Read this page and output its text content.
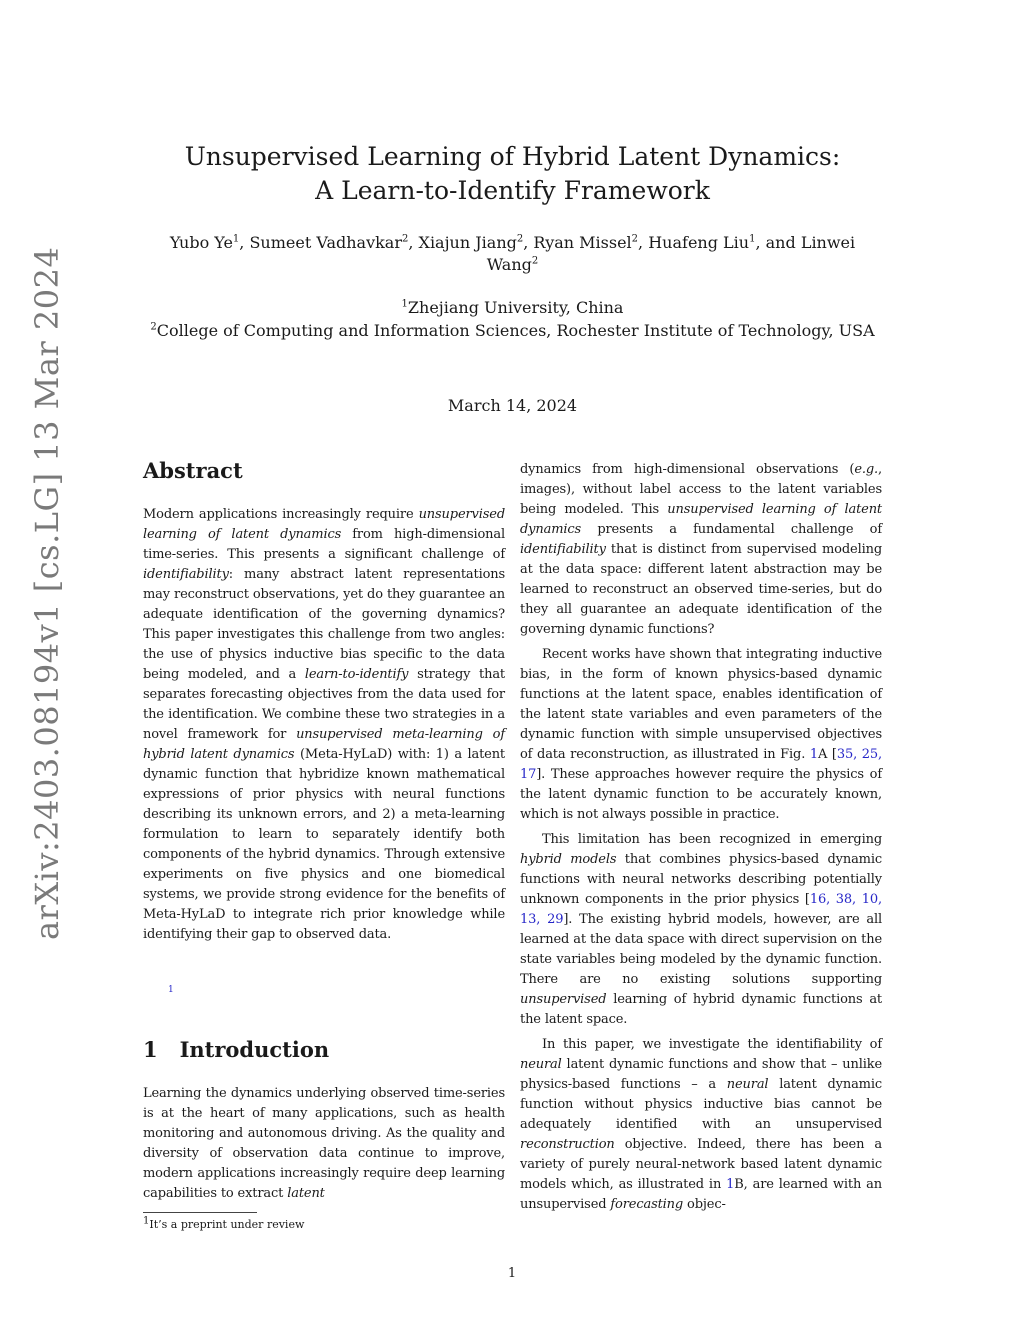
arXiv:2403.08194v1 [cs.LG] 13 Mar 2024
Unsupervised Learning of Hybrid Latent Dynamics:
A Learn-to-Identify Framework
Yubo Ye$^1$, Sumeet Vadhavkar$^2$, Xiajun Jiang$^2$, Ryan Missel$^2$, Huafeng Liu$^1$, and Linwei Wang$^2$
$^1$Zhejiang University, China
$^2$College of Computing and Information Sciences, Rochester Institute of Technology, USA
March 14, 2024
Abstract

Modern applications increasingly require unsupervised learning of latent dynamics from high-dimensional time-series. This presents a significant challenge of identifiability: many abstract latent representations may reconstruct observations, yet do they guarantee an adequate identification of the governing dynamics? This paper investigates this challenge from two angles: the use of physics inductive bias specific to the data being modeled, and a learn-to-identify strategy that separates forecasting objectives from the data used for the identification. We combine these two strategies in a novel framework for unsupervised meta-learning of hybrid latent dynamics (Meta-HyLaD) with: 1) a latent dynamic function that hybridize known mathematical expressions of prior physics with neural functions describing its unknown errors, and 2) a meta-learning formulation to learn to separately identify both components of the hybrid dynamics. Through extensive experiments on five physics and one biomedical systems, we provide strong evidence for the benefits of Meta-HyLaD to integrate rich prior knowledge while identifying their gap to observed data.

1
1 Introduction

Learning the dynamics underlying observed time-series is at the heart of many applications, such as health monitoring and autonomous driving. As the quality and diversity of observation data continue to improve, modern applications increasingly require deep learning capabilities to extract latent

dynamics from high-dimensional observations (e.g., images), without label access to the latent variables being modeled. This unsupervised learning of latent dynamics presents a fundamental challenge of identifiability that is distinct from supervised modeling at the data space: different latent abstraction may be learned to reconstruct an observed time-series, but do they all guarantee an adequate identification of the governing dynamic functions?

Recent works have shown that integrating inductive bias, in the form of known physics-based dynamic functions at the latent space, enables identification of the latent state variables and even parameters of the dynamic function with simple unsupervised objectives of data reconstruction, as illustrated in Fig. 1A [35, 25, 17]. These approaches however require the physics of the latent dynamic function to be accurately known, which is not always possible in practice.

This limitation has been recognized in emerging hybrid models that combines physics-based dynamic functions with neural networks describing potentially unknown components in the prior physics [16, 38, 10, 13, 29]. The existing hybrid models, however, are all learned at the data space with direct supervision on the state variables being modeled by the dynamic function. There are no existing solutions supporting unsupervised learning of hybrid dynamic functions at the latent space.

In this paper, we investigate the identifiability of neural latent dynamic functions and show that – unlike physics-based functions – a neural latent dynamic function without physics inductive bias cannot be adequately identified with an unsupervised reconstruction objective. Indeed, there has been a variety of purely neural-network based latent dynamic models which, as illustrated in 1B, are learned with an unsupervised forecasting objec-

$^1$It’s a preprint under review
1
